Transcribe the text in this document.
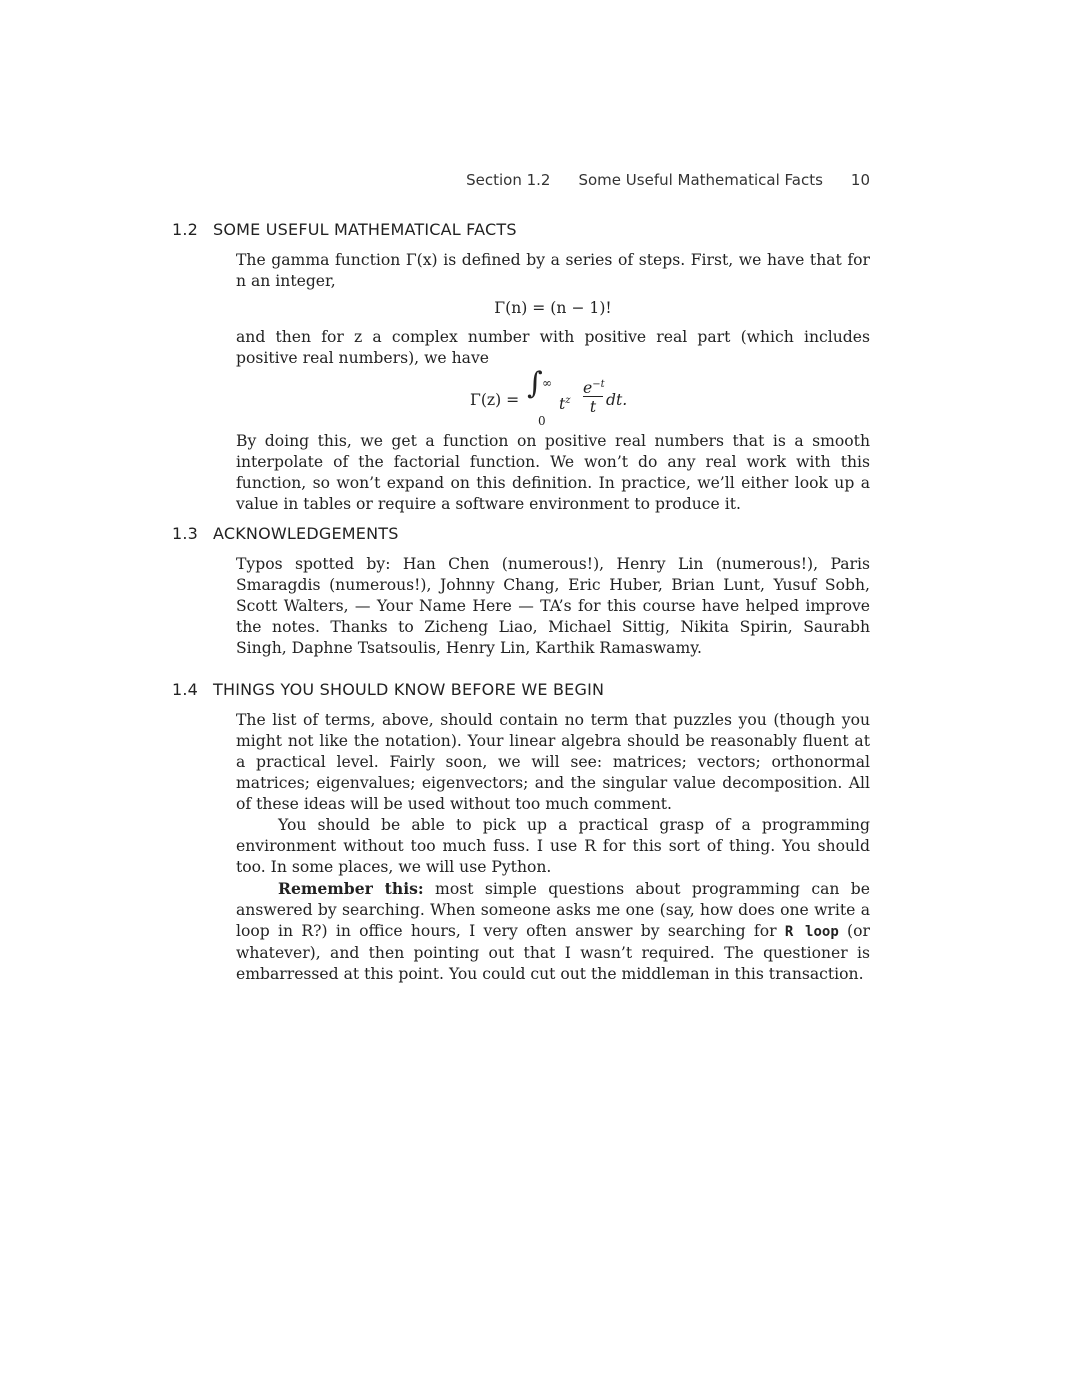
Section 1.2 Some Useful Mathematical Facts 10
1.2 SOME USEFUL MATHEMATICAL FACTS

The gamma function Γ(x) is defined by a series of steps. First, we have that for n an integer,

Γ(n) = (n − 1)!

and then for z a complex number with positive real part (which includes positive real numbers), we have

Γ(z) = ∫ ∞
0
$t^z$
$e^{-t}$
t dt.

By doing this, we get a function on positive real numbers that is a smooth interpolate of the factorial function. We won’t do any real work with this function, so won’t expand on this definition. In practice, we’ll either look up a value in tables or require a software environment to produce it.

1.3 ACKNOWLEDGEMENTS

Typos spotted by: Han Chen (numerous!), Henry Lin (numerous!), Paris Smaragdis (numerous!), Johnny Chang, Eric Huber, Brian Lunt, Yusuf Sobh, Scott Walters, — Your Name Here — TA’s for this course have helped improve the notes. Thanks to Zicheng Liao, Michael Sittig, Nikita Spirin, Saurabh Singh, Daphne Tsatsoulis, Henry Lin, Karthik Ramaswamy.

1.4 THINGS YOU SHOULD KNOW BEFORE WE BEGIN

The list of terms, above, should contain no term that puzzles you (though you might not like the notation). Your linear algebra should be reasonably fluent at a practical level. Fairly soon, we will see: matrices; vectors; orthonormal matrices; eigenvalues; eigenvectors; and the singular value decomposition. All of these ideas will be used without too much comment.

You should be able to pick up a practical grasp of a programming environment without too much fuss. I use R for this sort of thing. You should too. In some places, we will use Python.

Remember this: most simple questions about programming can be answered by searching. When someone asks me one (say, how does one write a loop in R?) in office hours, I very often answer by searching for R loop (or whatever), and then pointing out that I wasn’t required. The questioner is embarressed at this point. You could cut out the middleman in this transaction.
